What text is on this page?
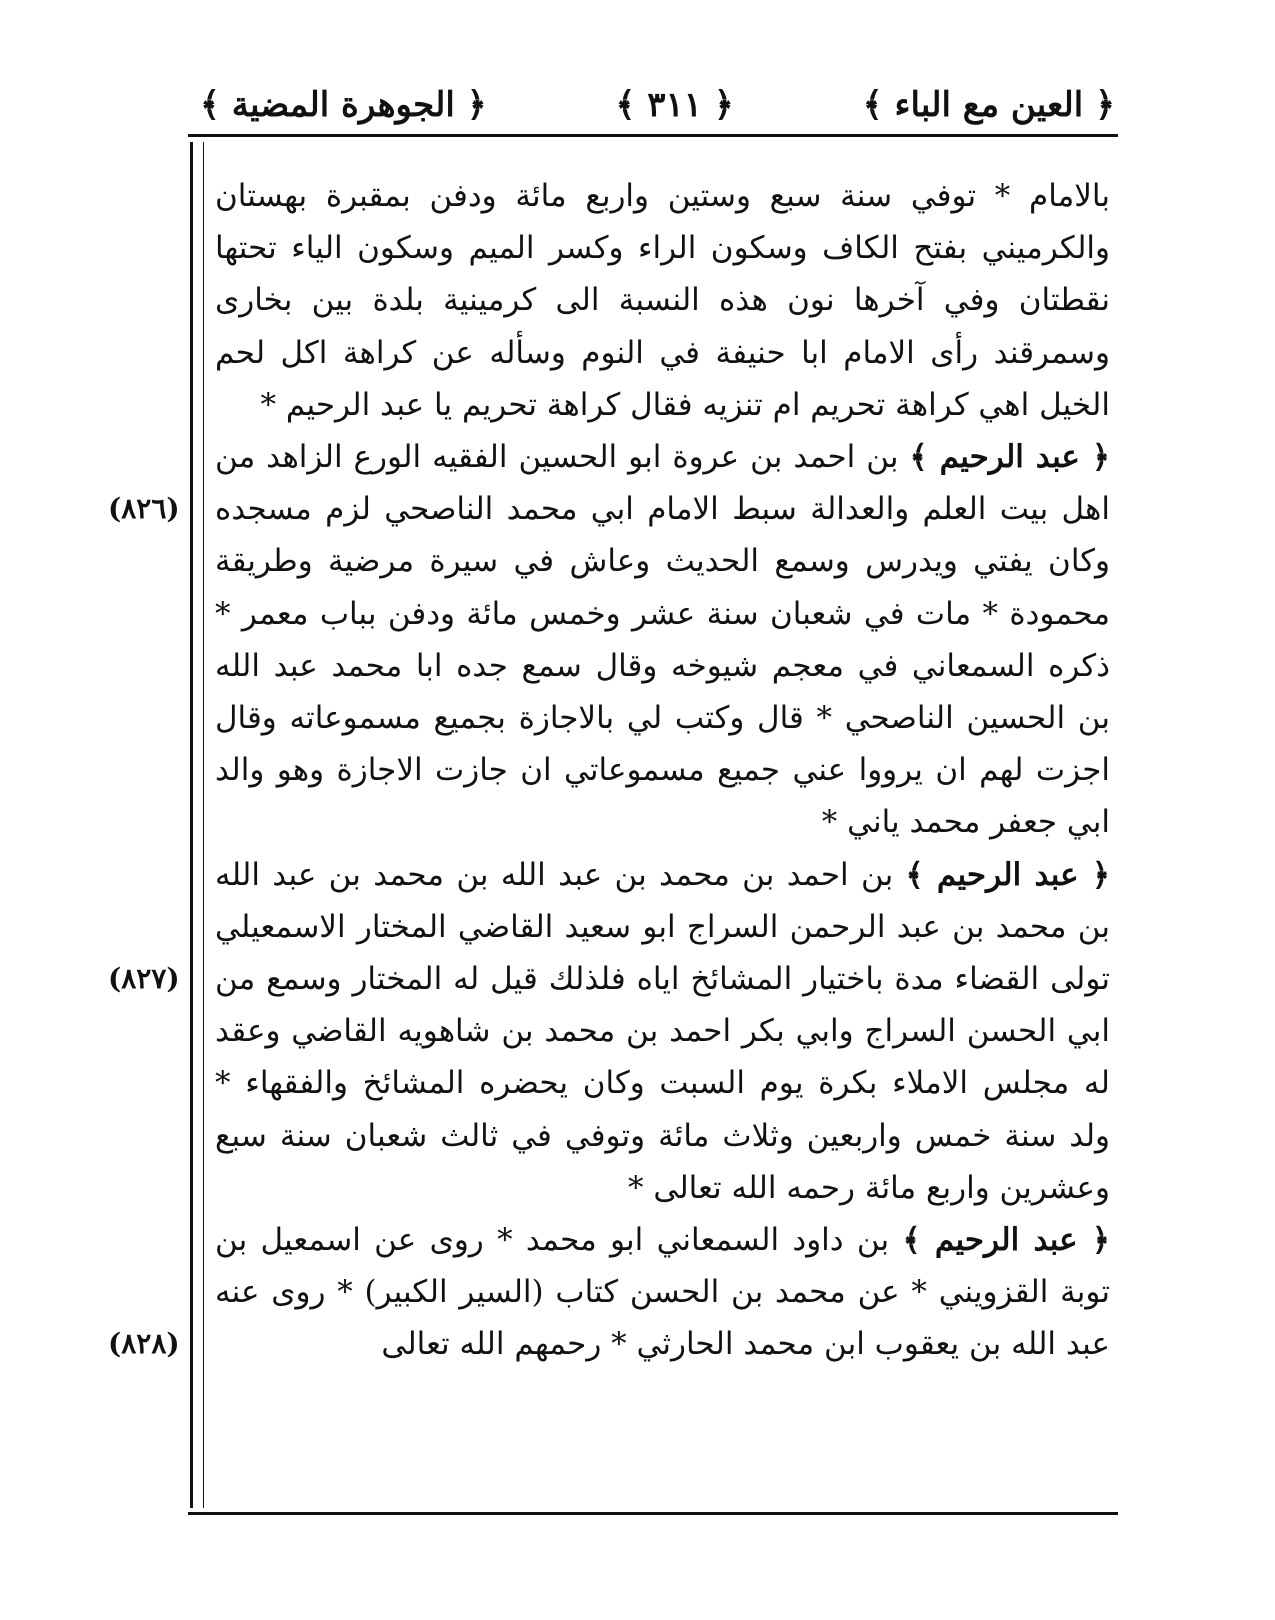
﴿ العين مع الباء ﴾
﴿ ٣١١ ﴾
﴿ الجوهرة المضية ﴾
(٨٢٦)
(٨٢٧)
(٨٢٨)

بالامام * توفي سنة سبع وستين واربع مائة ودفن بمقبرة بهستان والكرميني بفتح الكاف وسكون الراء وكسر الميم وسكون الياء تحتها نقطتان وفي آخرها نون هذه النسبة الى كرمينية بلدة بين بخارى وسمرقند رأى الامام ابا حنيفة في النوم وسأله عن كراهة اكل لحم الخيل اهي كراهة تحريم ام تنزيه فقال كراهة تحريم يا عبد الرحيم *

﴿ عبد الرحيم ﴾ بن احمد بن عروة ابو الحسين الفقيه الورع الزاهد من اهل بيت العلم والعدالة سبط الامام ابي محمد الناصحي لزم مسجده وكان يفتي ويدرس وسمع الحديث وعاش في سيرة مرضية وطريقة محمودة * مات في شعبان سنة عشر وخمس مائة ودفن بباب معمر * ذكره السمعاني في معجم شيوخه وقال سمع جده ابا محمد عبد الله بن الحسين الناصحي * قال وكتب لي بالاجازة بجميع مسموعاته وقال اجزت لهم ان يرووا عني جميع مسموعاتي ان جازت الاجازة وهو والد ابي جعفر محمد ياني *

﴿ عبد الرحيم ﴾ بن احمد بن محمد بن عبد الله بن محمد بن عبد الله بن محمد بن عبد الرحمن السراج ابو سعيد القاضي المختار الاسمعيلي تولى القضاء مدة باختيار المشائخ اياه فلذلك قيل له المختار وسمع من ابي الحسن السراج وابي بكر احمد بن محمد بن شاهويه القاضي وعقد له مجلس الاملاء بكرة يوم السبت وكان يحضره المشائخ والفقهاء * ولد سنة خمس واربعين وثلاث مائة وتوفي في ثالث شعبان سنة سبع وعشرين واربع مائة رحمه الله تعالى *

﴿ عبد الرحيم ﴾ بن داود السمعاني ابو محمد * روى عن اسمعيل بن توبة القزويني * عن محمد بن الحسن كتاب (السير الكبير) * روى عنه عبد الله بن يعقوب ابن محمد الحارثي * رحمهم الله تعالى
